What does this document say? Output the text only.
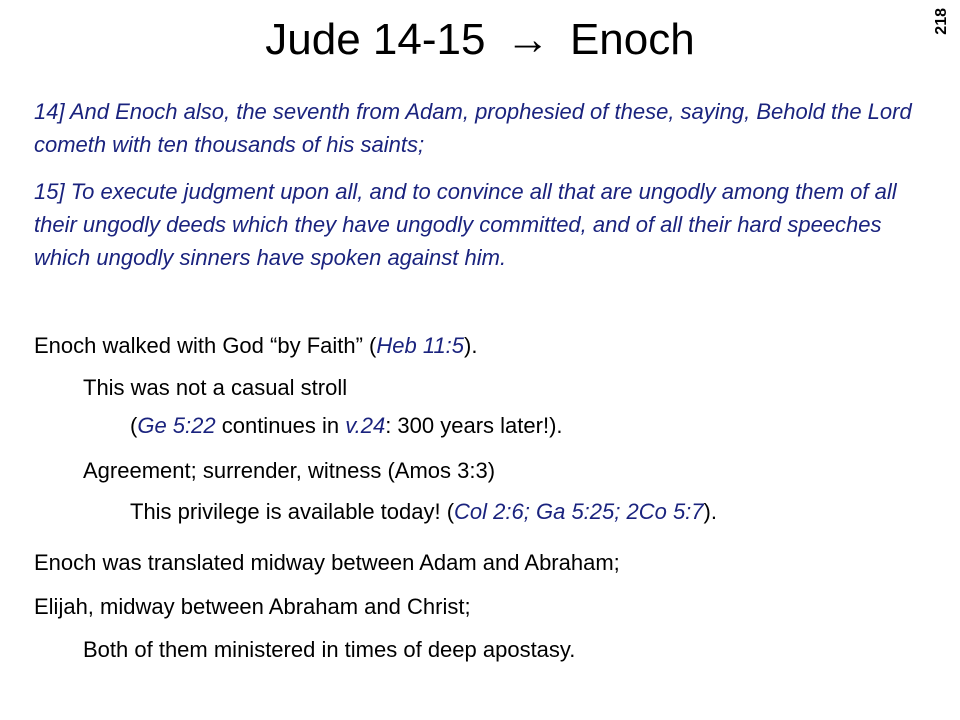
Jude 14-15 → Enoch	218
14] And Enoch also, the seventh from Adam, prophesied of these, saying, Behold the Lord cometh with ten thousands of his saints;
15] To execute judgment upon all, and to convince all that are ungodly among them of all their ungodly deeds which they have ungodly committed, and of all their hard speeches which ungodly sinners have spoken against him.
Enoch walked with God “by Faith” (Heb 11:5).
This was not a casual stroll
(Ge 5:22 continues in v.24: 300 years later!).
Agreement; surrender, witness (Amos 3:3)
This privilege is available today! (Col 2:6; Ga 5:25; 2Co 5:7).
Enoch was translated midway between Adam and Abraham;
Elijah, midway between Abraham and Christ;
Both of them ministered in times of deep apostasy.
